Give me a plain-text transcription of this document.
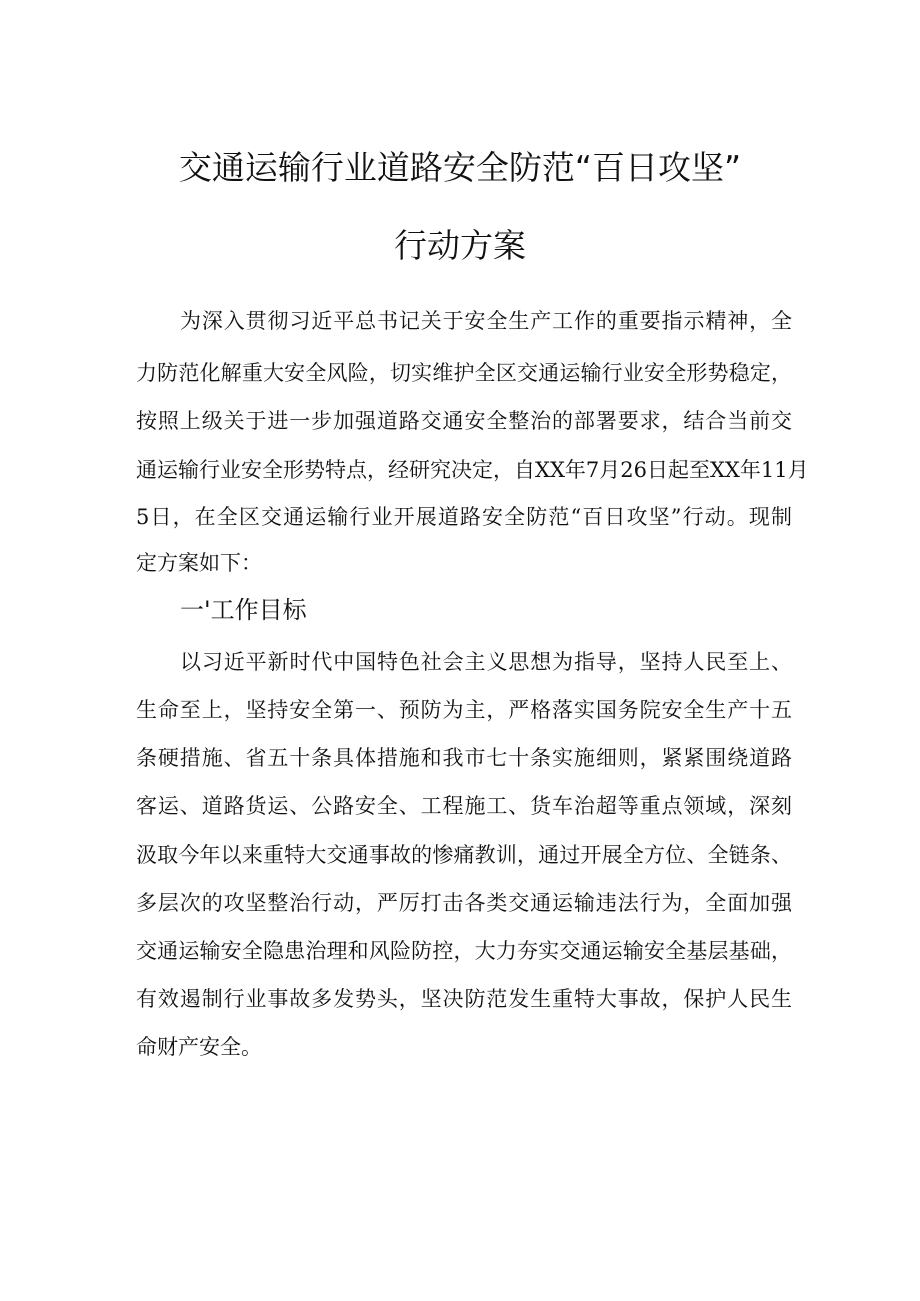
交通运输行业道路安全防范“百日攻坚”
行动方案
为深入贯彻习近平总书记关于安全生产工作的重要指示精神，全
力防范化解重大安全风险，切实维护全区交通运输行业安全形势稳定，
按照上级关于进一步加强道路交通安全整治的部署要求，结合当前交
通运输行业安全形势特点，经研究决定，自XX年7月26日起至XX年11月
5日，在全区交通运输行业开展道路安全防范“百日攻坚”行动。现制
定方案如下：
一'工作目标
以习近平新时代中国特色社会主义思想为指导，坚持人民至上、
生命至上，坚持安全第一、预防为主，严格落实国务院安全生产十五
条硬措施、省五十条具体措施和我市七十条实施细则，紧紧围绕道路
客运、道路货运、公路安全、工程施工、货车治超等重点领域，深刻
汲取今年以来重特大交通事故的惨痛教训，通过开展全方位、全链条、
多层次的攻坚整治行动，严厉打击各类交通运输违法行为，全面加强
交通运输安全隐患治理和风险防控，大力夯实交通运输安全基层基础，
有效遏制行业事故多发势头，坚决防范发生重特大事故，保护人民生
命财产安全。
